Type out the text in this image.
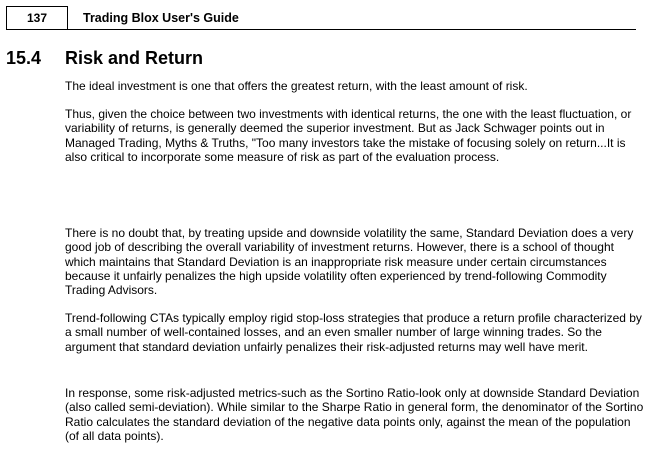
137	Trading Blox User's Guide
15.4 Risk and Return

The ideal investment is one that offers the greatest return, with the least amount of risk.

Thus, given the choice between two investments with identical returns, the one with the least fluctuation, or variability of returns, is generally deemed the superior investment. But as Jack Schwager points out in Managed Trading, Myths & Truths, "Too many investors take the mistake of focusing solely on return...It is also critical to incorporate some measure of risk as part of the evaluation process.

There is no doubt that, by treating upside and downside volatility the same, Standard Deviation does a very good job of describing the overall variability of investment returns. However, there is a school of thought which maintains that Standard Deviation is an inappropriate risk measure under certain circumstances because it unfairly penalizes the high upside volatility often experienced by trend-following Commodity Trading Advisors.

Trend-following CTAs typically employ rigid stop-loss strategies that produce a return profile characterized by a small number of well-contained losses, and an even smaller number of large winning trades. So the argument that standard deviation unfairly penalizes their risk-adjusted returns may well have merit.

In response, some risk-adjusted metrics-such as the Sortino Ratio-look only at downside Standard Deviation (also called semi-deviation). While similar to the Sharpe Ratio in general form, the denominator of the Sortino Ratio calculates the standard deviation of the negative data points only, against the mean of the population (of all data points).
